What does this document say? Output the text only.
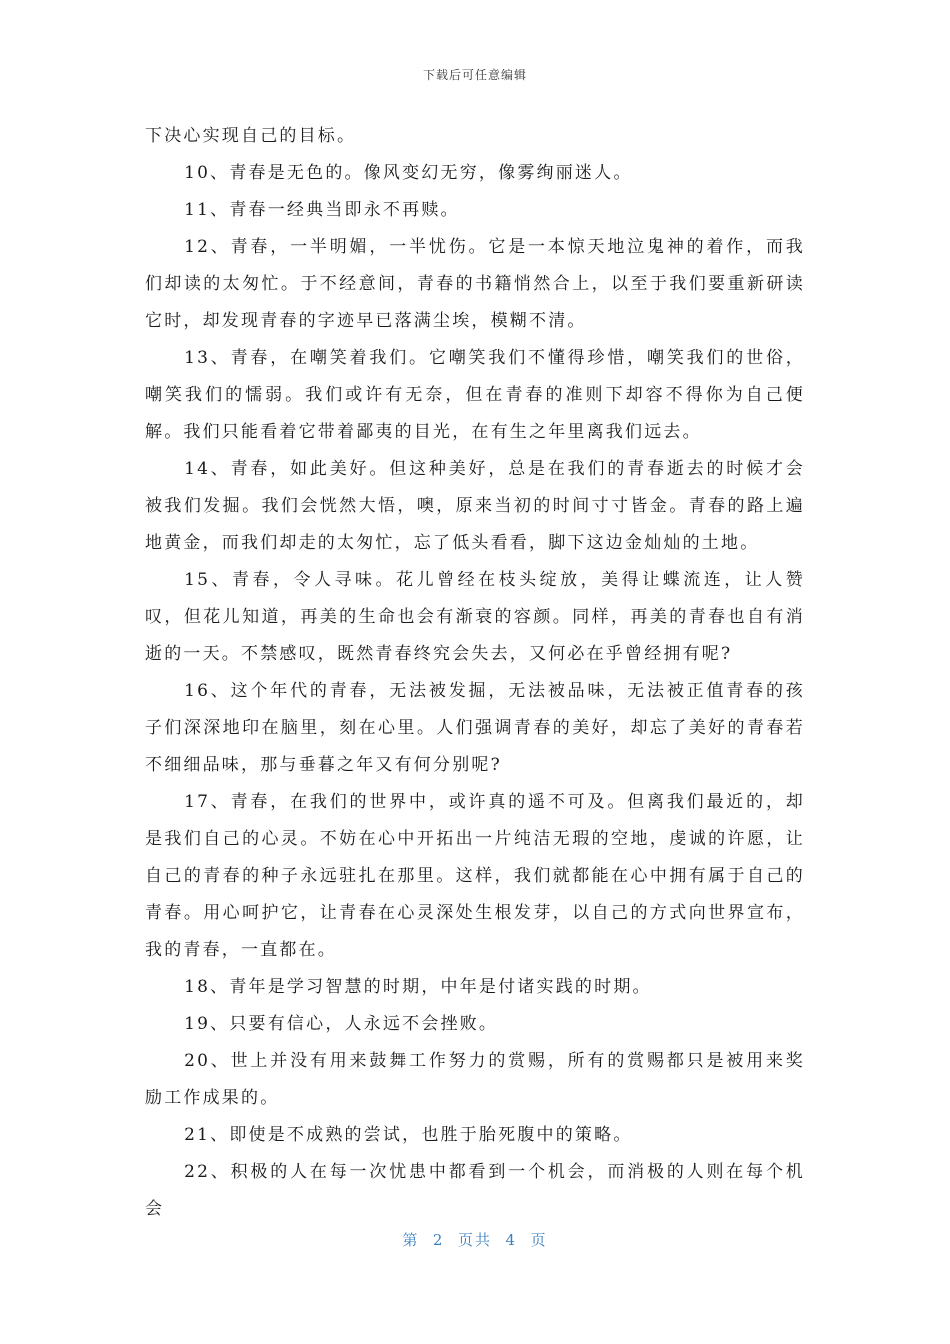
下载后可任意编辑

下决心实现自己的目标。

10、青春是无色的。像风变幻无穷，像雾绚丽迷人。

11、青春一经典当即永不再赎。

12、青春，一半明媚，一半忧伤。它是一本惊天地泣鬼神的着作，而我们却读的太匆忙。于不经意间，青春的书籍悄然合上，以至于我们要重新研读它时，却发现青春的字迹早已落满尘埃，模糊不清。

13、青春，在嘲笑着我们。它嘲笑我们不懂得珍惜，嘲笑我们的世俗，嘲笑我们的懦弱。我们或许有无奈，但在青春的准则下却容不得你为自己便解。我们只能看着它带着鄙夷的目光，在有生之年里离我们远去。

14、青春，如此美好。但这种美好，总是在我们的青春逝去的时候才会被我们发掘。我们会恍然大悟，噢，原来当初的时间寸寸皆金。青春的路上遍地黄金，而我们却走的太匆忙，忘了低头看看，脚下这边金灿灿的土地。

15、青春，令人寻味。花儿曾经在枝头绽放，美得让蝶流连，让人赞叹，但花儿知道，再美的生命也会有渐衰的容颜。同样，再美的青春也自有消逝的一天。不禁感叹，既然青春终究会失去，又何必在乎曾经拥有呢?

16、这个年代的青春，无法被发掘，无法被品味，无法被正值青春的孩子们深深地印在脑里，刻在心里。人们强调青春的美好，却忘了美好的青春若不细细品味，那与垂暮之年又有何分别呢?

17、青春，在我们的世界中，或许真的遥不可及。但离我们最近的，却是我们自己的心灵。不妨在心中开拓出一片纯洁无瑕的空地，虔诚的许愿，让自己的青春的种子永远驻扎在那里。这样，我们就都能在心中拥有属于自己的青春。用心呵护它，让青春在心灵深处生根发芽，以自己的方式向世界宣布，我的青春，一直都在。

18、青年是学习智慧的时期，中年是付诸实践的时期。

19、只要有信心，人永远不会挫败。

20、世上并没有用来鼓舞工作努力的赏赐，所有的赏赐都只是被用来奖励工作成果的。

21、即使是不成熟的尝试，也胜于胎死腹中的策略。

22、积极的人在每一次忧患中都看到一个机会，而消极的人则在每个机会

第  2  页共  4  页
